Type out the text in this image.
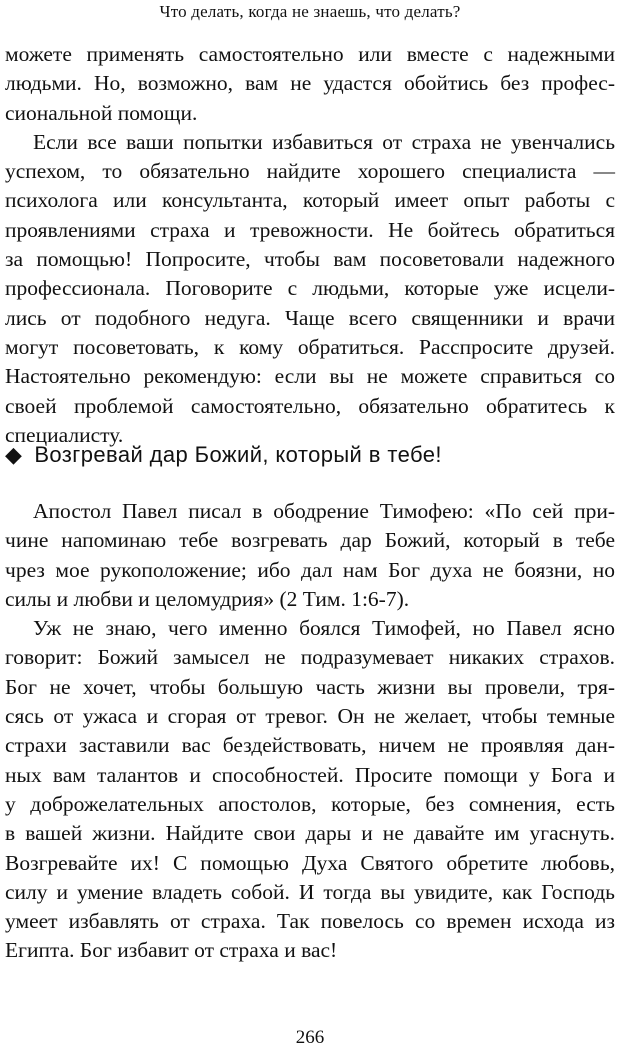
Что делать, когда не знаешь, что делать?
можете применять самостоятельно или вместе с надежными
людьми. Но, возможно, вам не удастся обойтись без профес-
сиональной помощи.
Если все ваши попытки избавиться от страха не увенчались
успехом, то обязательно найдите хорошего специалиста —
психолога или консультанта, который имеет опыт работы с
проявлениями страха и тревожности. Не бойтесь обратиться
за помощью! Попросите, чтобы вам посоветовали надежного
профессионала. Поговорите с людьми, которые уже исцели-
лись от подобного недуга. Чаще всего священники и врачи
могут посоветовать, к кому обратиться. Расспросите друзей.
Настоятельно рекомендую: если вы не можете справиться со
своей проблемой самостоятельно, обязательно обратитесь к
специалисту.
◆ Возгревай дар Божий, который в тебе!
Апостол Павел писал в ободрение Тимофею: «По сей при-
чине напоминаю тебе возгревать дар Божий, который в тебе
чрез мое рукоположение; ибо дал нам Бог духа не боязни, но
силы и любви и целомудрия» (2 Тим. 1:6-7).
Уж не знаю, чего именно боялся Тимофей, но Павел ясно
говорит: Божий замысел не подразумевает никаких страхов.
Бог не хочет, чтобы большую часть жизни вы провели, тря-
сясь от ужаса и сгорая от тревог. Он не желает, чтобы темные
страхи заставили вас бездействовать, ничем не проявляя дан-
ных вам талантов и способностей. Просите помощи у Бога и
у доброжелательных апостолов, которые, без сомнения, есть
в вашей жизни. Найдите свои дары и не давайте им угаснуть.
Возгревайте их! С помощью Духа Святого обретите любовь,
силу и умение владеть собой. И тогда вы увидите, как Господь
умеет избавлять от страха. Так повелось со времен исхода из
Египта. Бог избавит от страха и вас!
266
